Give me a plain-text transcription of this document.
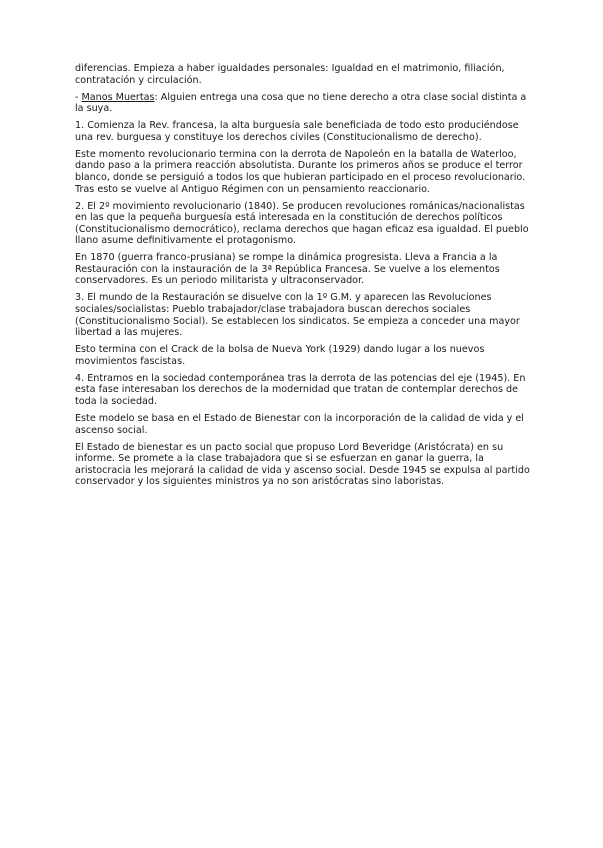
diferencias. Empieza a haber igualdades personales: Igualdad en el matrimonio, filiación, contratación y circulación.

- Manos Muertas: Alguien entrega una cosa que no tiene derecho a otra clase social distinta a la suya.

1. Comienza la Rev. francesa, la alta burguesía sale beneficiada de todo esto produciéndose una rev. burguesa y constituye los derechos civiles (Constitucionalismo de derecho).

Este momento revolucionario termina con la derrota de Napoleón en la batalla de Waterloo, dando paso a la primera reacción absolutista. Durante los primeros años se produce el terror blanco, donde se persiguió a todos los que hubieran participado en el proceso revolucionario. Tras esto se vuelve al Antiguo Régimen con un pensamiento reaccionario.

2. El 2º movimiento revolucionario (1840). Se producen revoluciones románicas/nacionalistas en las que la pequeña burguesía está interesada en la constitución de derechos políticos (Constitucionalismo democrático), reclama derechos que hagan eficaz esa igualdad. El pueblo llano asume definitivamente el protagonismo.

En 1870 (guerra franco-prusiana) se rompe la dinámica progresista. Lleva a Francia a la Restauración con la instauración de la 3ª República Francesa. Se vuelve a los elementos conservadores. Es un periodo militarista y ultraconservador.

3. El mundo de la Restauración se disuelve con la 1º G.M. y aparecen las Revoluciones sociales/socialistas: Pueblo trabajador/clase trabajadora buscan derechos sociales (Constitucionalismo Social). Se establecen los sindicatos. Se empieza a conceder una mayor libertad a las mujeres.

Esto termina con el Crack de la bolsa de Nueva York (1929) dando lugar a los nuevos movimientos fascistas.

4. Entramos en la sociedad contemporánea tras la derrota de las potencias del eje (1945). En esta fase interesaban los derechos de la modernidad que tratan de contemplar derechos de toda la sociedad.

Este modelo se basa en el Estado de Bienestar con la incorporación de la calidad de vida y el ascenso social.

El Estado de bienestar es un pacto social que propuso Lord Beveridge (Aristócrata) en su informe. Se promete a la clase trabajadora que si se esfuerzan en ganar la guerra, la aristocracia les mejorará la calidad de vida y ascenso social. Desde 1945 se expulsa al partido conservador y los siguientes ministros ya no son aristócratas sino laboristas.
